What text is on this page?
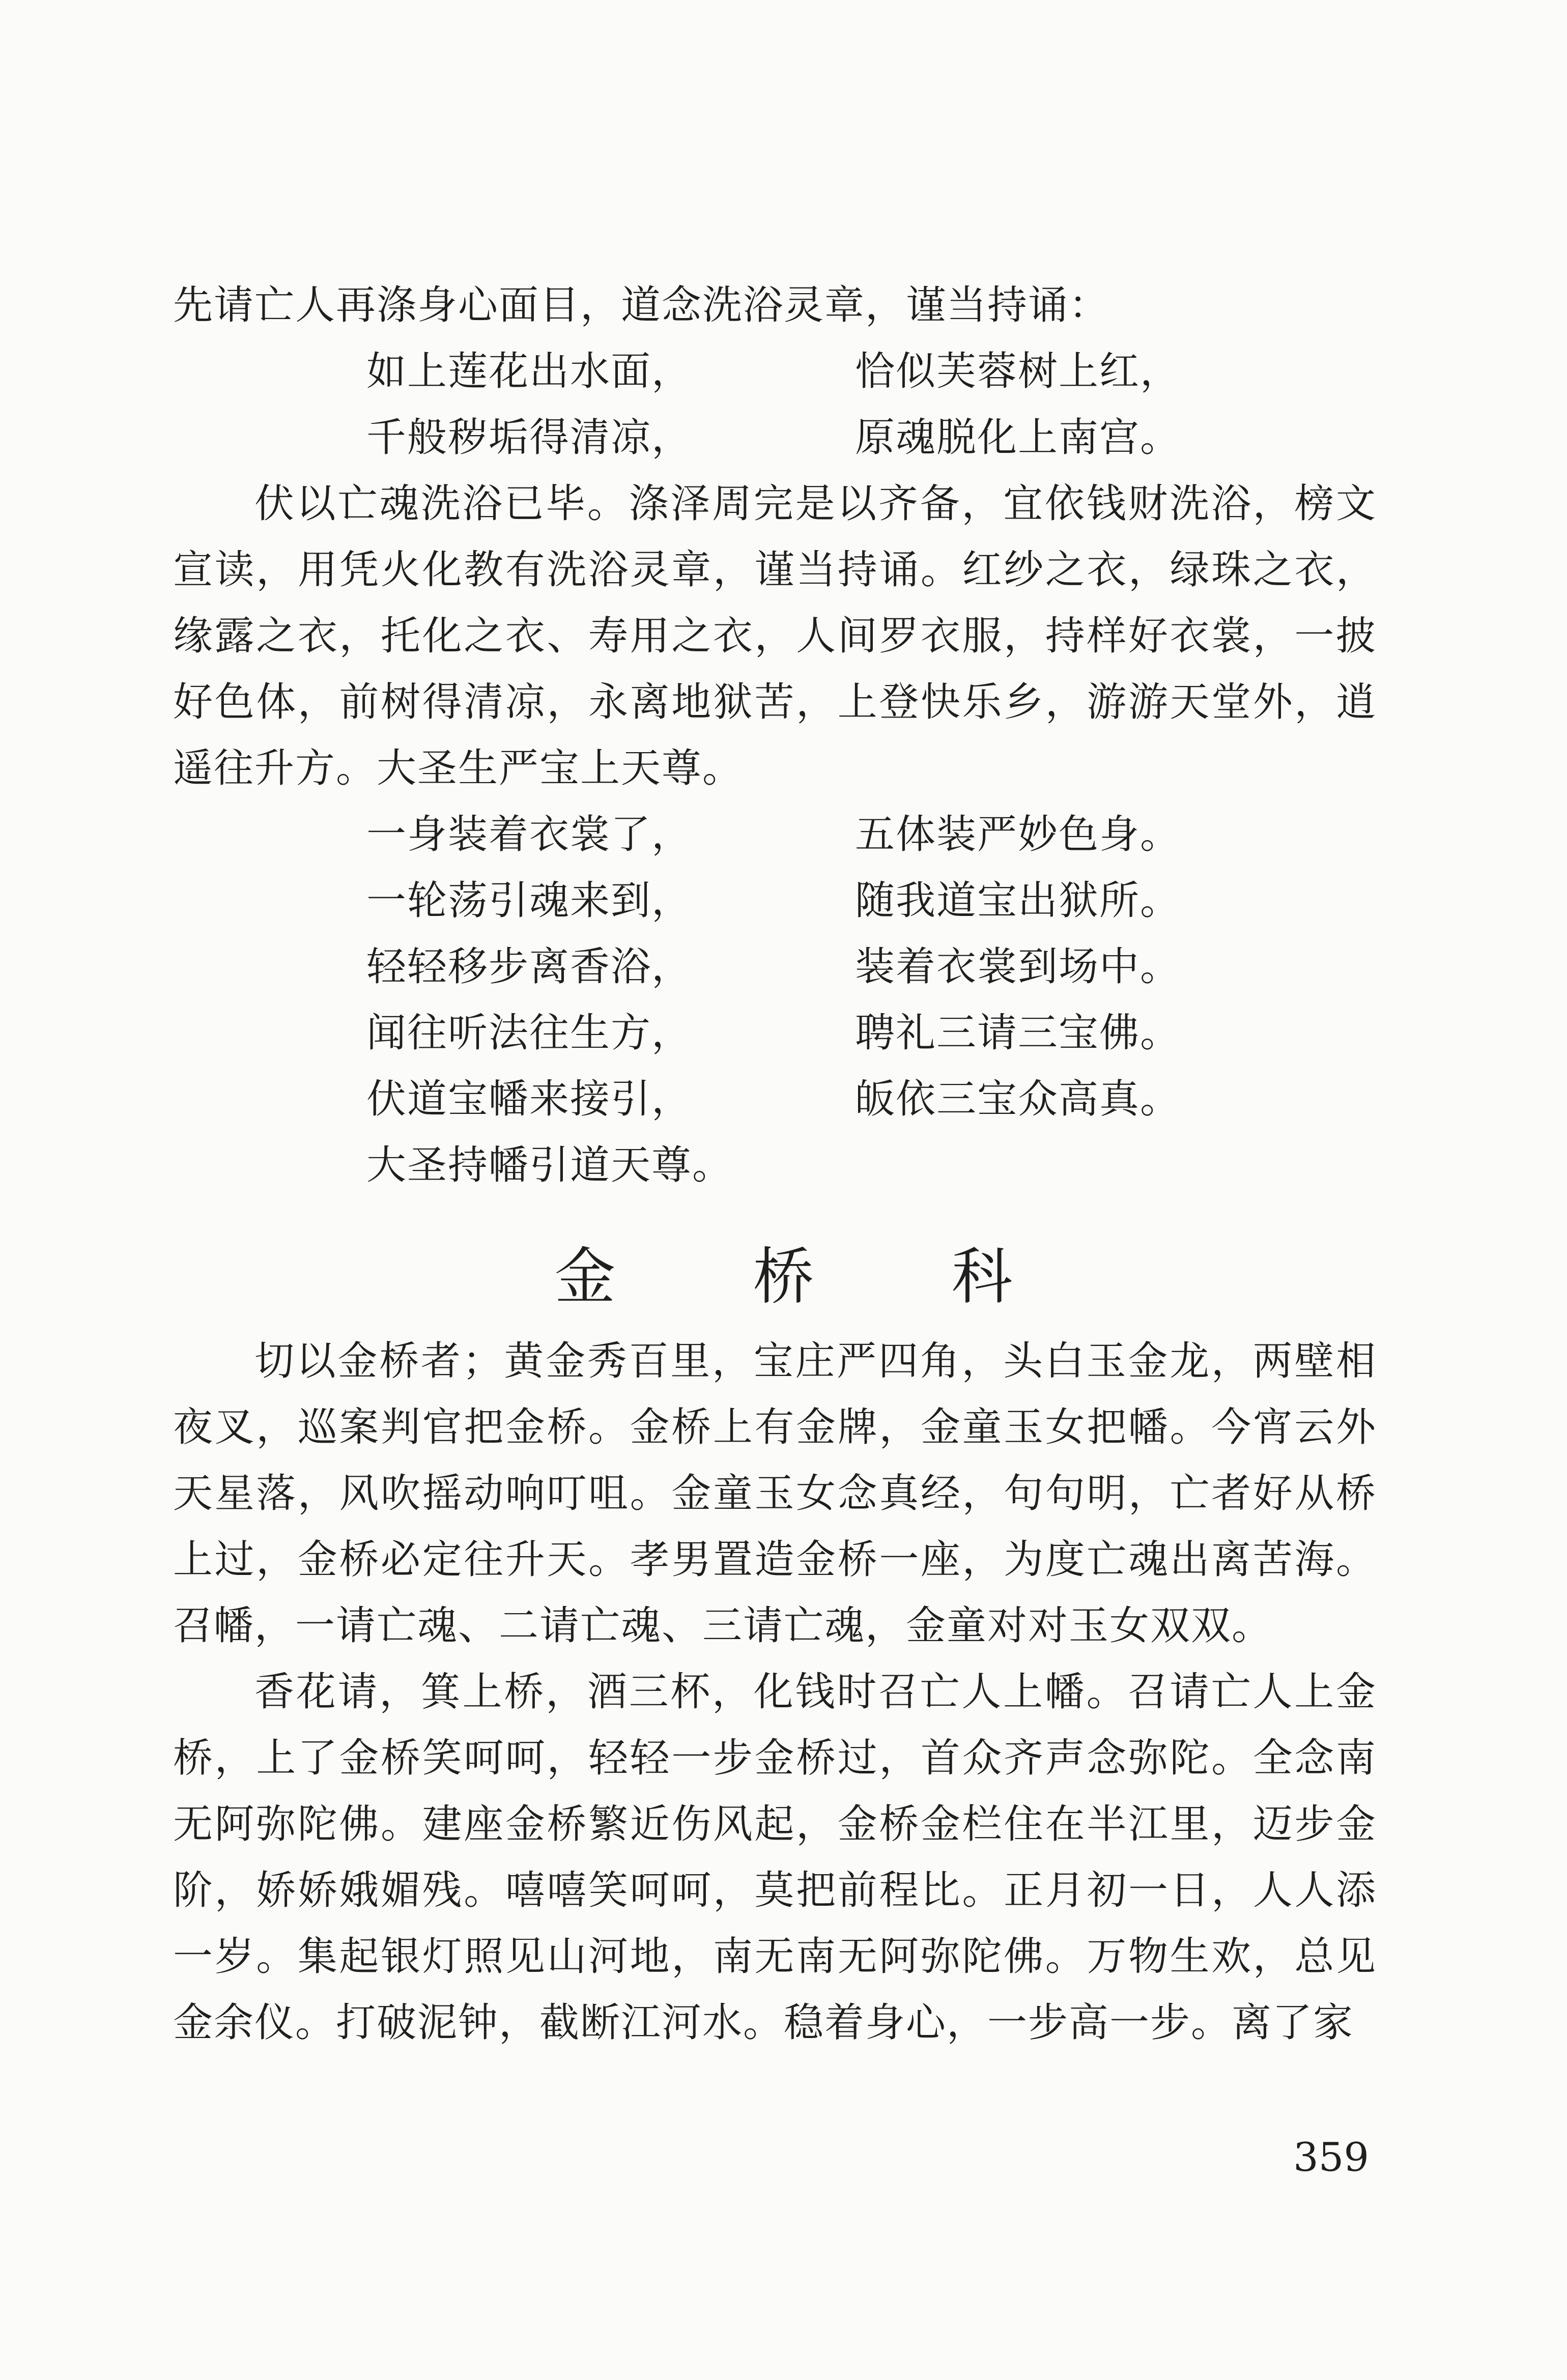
先请亡人再涤身心面目，道念洗浴灵章，谨当持诵：
如上莲花出水面，	恰似芙蓉树上红，
千般秽垢得清凉，	原魂脱化上南宫。
伏以亡魂洗浴已毕。涤泽周完是以齐备，宜依钱财洗浴，榜文宣读，用凭火化教有洗浴灵章，谨当持诵。红纱之衣，绿珠之衣，缘露之衣，托化之衣、寿用之衣，人间罗衣服，持样好衣裳，一披好色体，前树得清凉，永离地狱苦，上登快乐乡，游游天堂外，逍遥往升方。大圣生严宝上天尊。
一身装着衣裳了，	五体装严妙色身。
一轮荡引魂来到，	随我道宝出狱所。
轻轻移步离香浴，	装着衣裳到场中。
闻往听法往生方，	聘礼三请三宝佛。
伏道宝幡来接引，	皈依三宝众高真。
大圣持幡引道天尊。
金桥科
切以金桥者；黄金秀百里，宝庄严四角，头白玉金龙，两壁相夜叉，巡案判官把金桥。金桥上有金牌，金童玉女把幡。今宵云外天星落，风吹摇动响叮咀。金童玉女念真经，句句明，亡者好从桥上过，金桥必定往升天。孝男置造金桥一座，为度亡魂出离苦海。召幡，一请亡魂、二请亡魂、三请亡魂，金童对对玉女双双。
香花请，箕上桥，酒三杯，化钱时召亡人上幡。召请亡人上金桥，上了金桥笑呵呵，轻轻一步金桥过，首众齐声念弥陀。全念南无阿弥陀佛。建座金桥繁近伤风起，金桥金栏住在半江里，迈步金阶，娇娇娥媚残。嘻嘻笑呵呵，莫把前程比。正月初一日，人人添一岁。集起银灯照见山河地，南无南无阿弥陀佛。万物生欢，总见金余仪。打破泥钟，截断江河水。稳着身心，一步高一步。离了家
359
